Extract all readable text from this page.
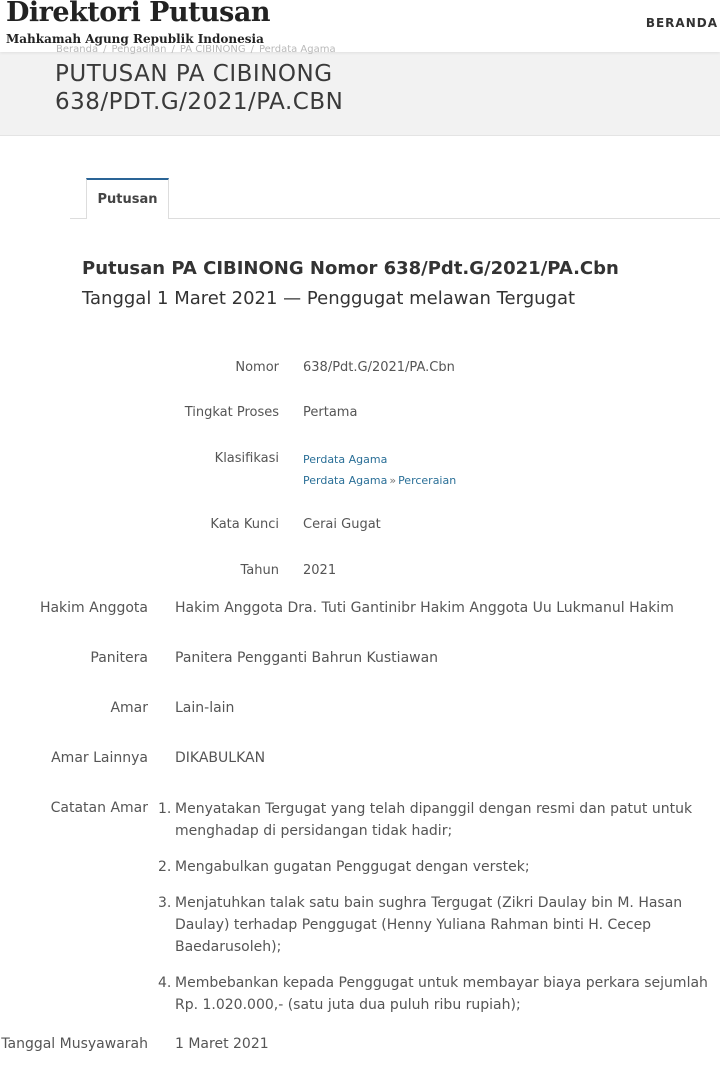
Direktori Putusan
Mahkamah Agung Republik Indonesia
BERANDA
Beranda / Pengadilan / PA CIBINONG / Perdata Agama
PUTUSAN PA CIBINONG
638/PDT.G/2021/PA.CBN
Putusan
Putusan PA CIBINONG Nomor 638/Pdt.G/2021/PA.Cbn
Tanggal 1 Maret 2021 — Penggugat melawan Tergugat
Nomor 638/Pdt.G/2021/PA.Cbn
Tingkat Proses Pertama
Klasifikasi Perdata Agama
Perdata Agama » Perceraian
Kata Kunci Cerai Gugat
Tahun 2021
Hakim Anggota Hakim Anggota Dra. Tuti Gantinibr Hakim Anggota Uu Lukmanul Hakim
Panitera Panitera Pengganti Bahrun Kustiawan
Amar Lain-lain
Amar Lainnya DIKABULKAN
Catatan Amar 1. Menyatakan Tergugat yang telah dipanggil dengan resmi dan patut untuk menghadap di persidangan tidak hadir;
2. Mengabulkan gugatan Penggugat dengan verstek;
3. Menjatuhkan talak satu bain sughra Tergugat (Zikri Daulay bin M. Hasan Daulay) terhadap Penggugat (Henny Yuliana Rahman binti H. Cecep Baedarusoleh);
4. Membebankan kepada Penggugat untuk membayar biaya perkara sejumlah Rp. 1.020.000,- (satu juta dua puluh ribu rupiah);
Tanggal Musyawarah 1 Maret 2021
